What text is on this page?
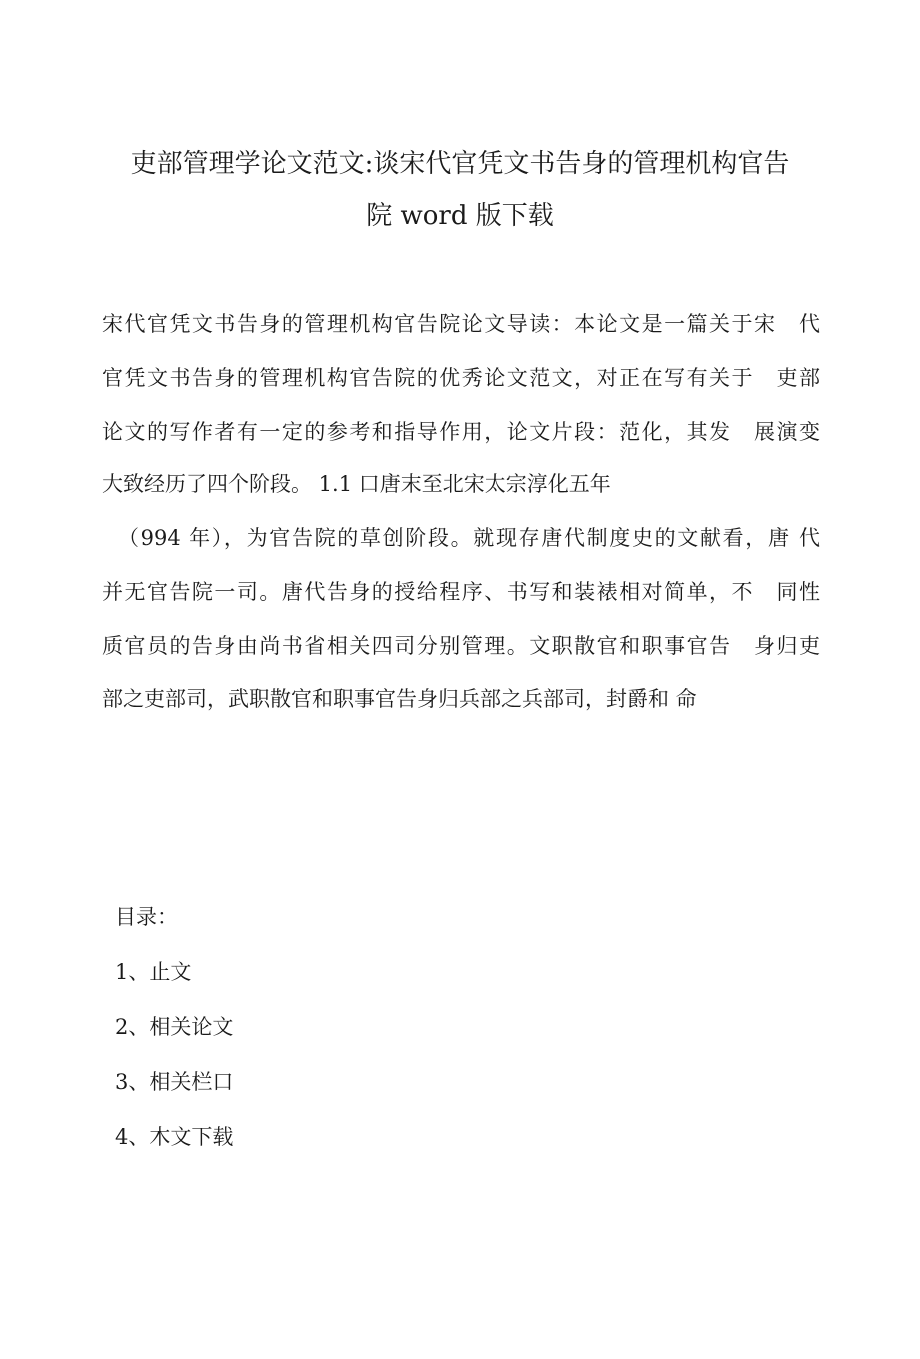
吏部管理学论文范文:谈宋代官凭文书告身的管理机构官告
院 word 版下载
宋代官凭文书告身的管理机构官告院论文导读：本论文是一篇关于宋　代
官凭文书告身的管理机构官告院的优秀论文范文，对正在写有关于　吏部
论文的写作者有一定的参考和指导作用，论文片段：范化，其发　展演变
大致经历了四个阶段。 1.1 口唐末至北宋太宗淳化五年
（994 年），为官告院的草创阶段。就现存唐代制度史的文献看，唐 代
并无官告院一司。唐代告身的授给程序、书写和装裱相对简单，不　同性
质官员的告身由尚书省相关四司分别管理。文职散官和职事官告　身归吏
部之吏部司，武职散官和职事官告身归兵部之兵部司，封爵和 命
目录：
1、止文
2、相关论文
3、相关栏口
4、木文下载
